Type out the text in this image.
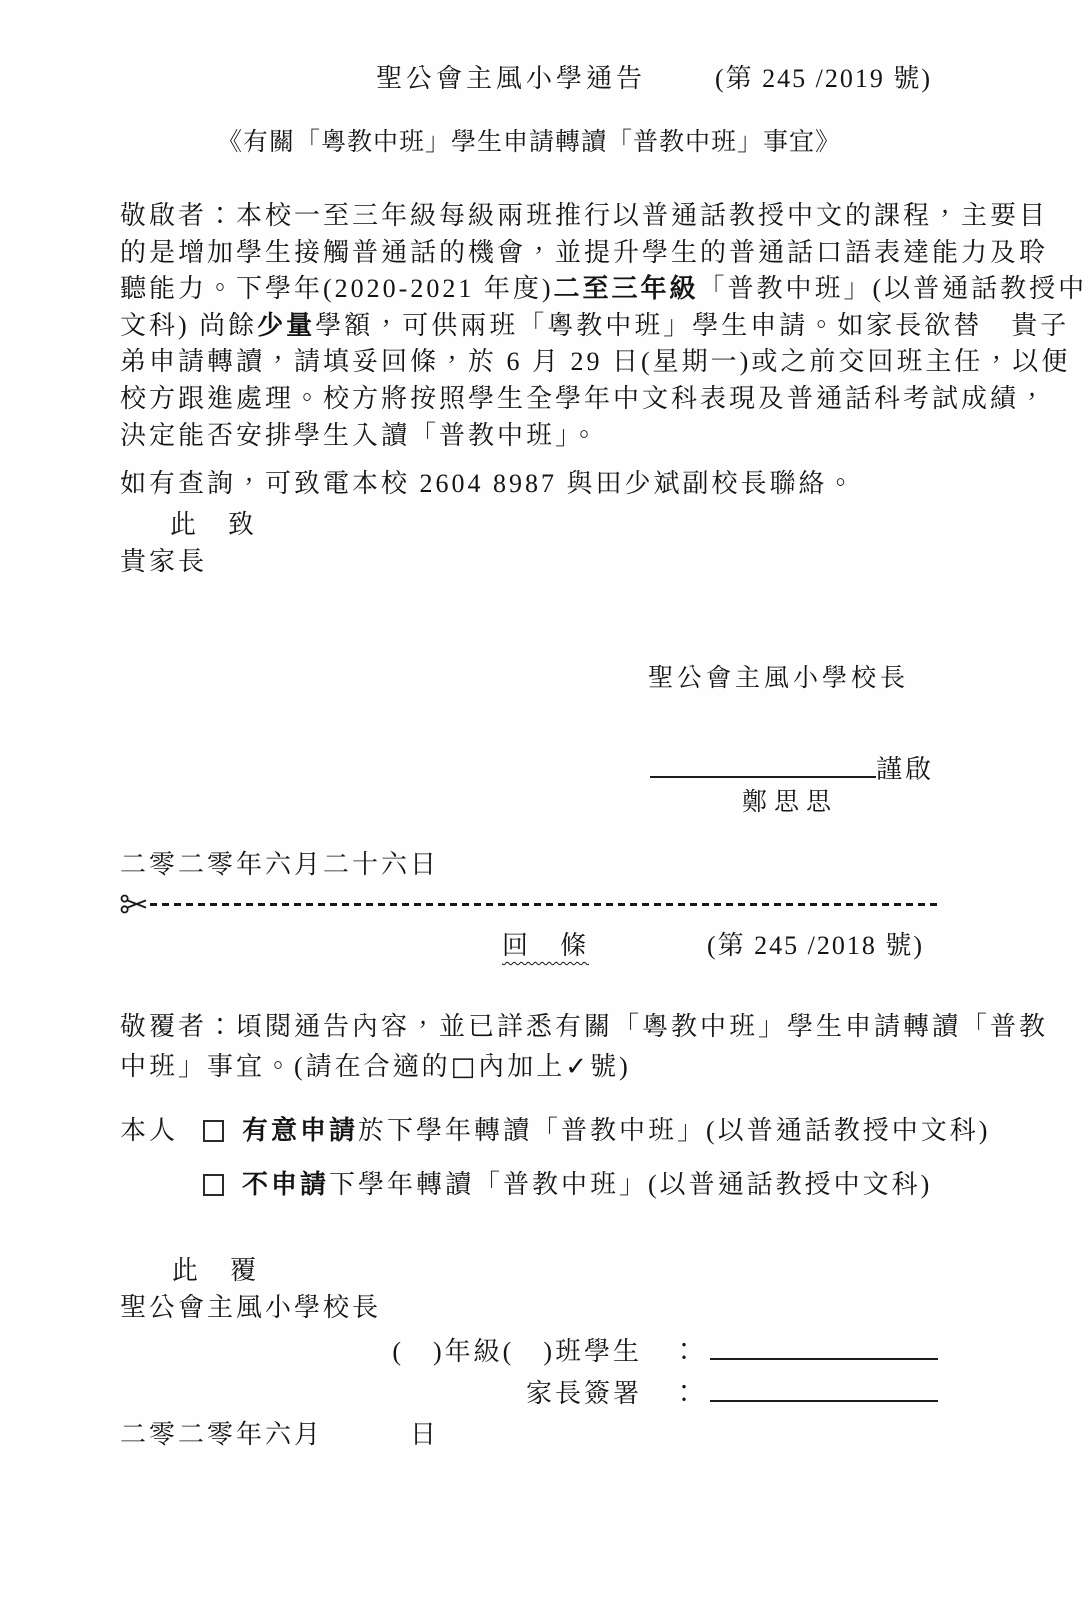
聖公會主風小學通告	(第 245 /2019 號)
《有關「粵教中班」學生申請轉讀「普教中班」事宜》
敬啟者：本校一至三年級每級兩班推行以普通話教授中文的課程，主要目
的是增加學生接觸普通話的機會，並提升學生的普通話口語表達能力及聆
聽能力。下學年(2020-2021 年度)二至三年級「普教中班」(以普通話教授中
文科) 尚餘少量學額，可供兩班「粵教中班」學生申請。如家長欲替　貴子
弟申請轉讀，請填妥回條，於 6 月 29 日(星期一)或之前交回班主任，以便
校方跟進處理。校方將按照學生全學年中文科表現及普通話科考試成績，
決定能否安排學生入讀「普教中班」。
如有查詢，可致電本校 2604 8987 與田少斌副校長聯絡。
此　致
貴家長
聖公會主風小學校長
謹啟
鄭思思
二零二零年六月二十六日
回　條	(第 245 /2018 號)
敬覆者：頃閱通告內容，並已詳悉有關「粵教中班」學生申請轉讀「普教
中班」事宜。(請在合適的□內加上✓號)
本人 有意申請於下學年轉讀「普教中班」(以普通話教授中文科)
不申請下學年轉讀「普教中班」(以普通話教授中文科)
此　覆
聖公會主風小學校長
(　)年級(　)班學生　：
家長簽署　：
二零二零年六月　　　日
